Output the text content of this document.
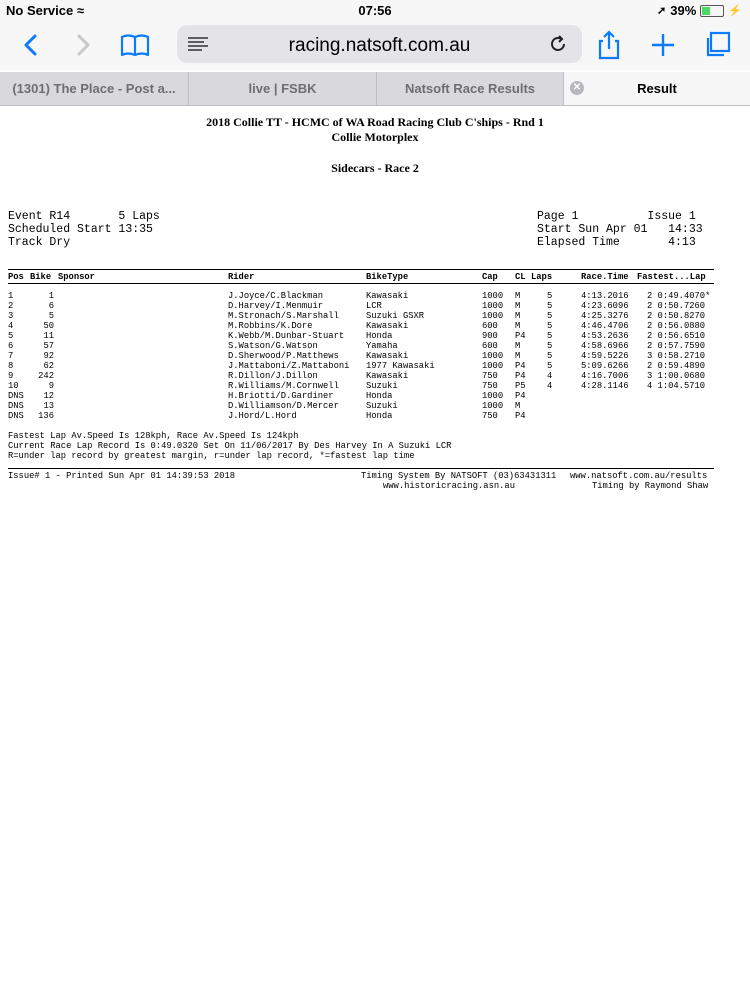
No Service ≈	07:56	➚ 39%	⚡
racing.natsoft.com.au
(1301) The Place - Post a...	live | FSBK	Natsoft Race Results	✕	Result
2018 Collie TT - HCMC of WA Road Racing Club C'ships - Rnd 1
Collie Motorplex
Sidecars - Race 2
Event R14       5 Laps
Scheduled Start 13:35
Track Dry
Page 1          Issue 1
Start Sun Apr 01   14:33
Elapsed Time       4:13
Pos Bike Sponsor	Rider	BikeType	Cap CL Laps	Race.Time Fastest...Lap
1	1	J.Joyce/C.Blackman	Kawasaki	1000 M	5	4:13.2016 2 0:49.4070*
2	6	D.Harvey/I.Menmuir	LCR	1000 M	5	4:23.6096 2 0:50.7260
3	5	M.Stronach/S.Marshall	Suzuki GSXR	1000 M	5	4:25.3276 2 0:50.8270
4	50	M.Robbins/K.Dore	Kawasaki	600 M	5	4:46.4706 2 0:56.0880
5	11	K.Webb/M.Dunbar-Stuart Honda	900 P4 5	4:53.2636 2 0:56.6510
6	57	S.Watson/G.Watson	Yamaha	600 M	5	4:58.6966 2 0:57.7590
7	92	D.Sherwood/P.Matthews	Kawasaki	1000 M	5	4:59.5226 3 0:58.2710
8	62	J.Mattaboni/Z.Mattaboni 1977 Kawasaki	1000 P4 5	5:09.6266 2 0:59.4890
9	242	R.Dillon/J.Dillon	Kawasaki	750 P4 4	4:16.7006 3 1:00.0680
10	9	R.Williams/M.Cornwell	Suzuki	750 P5 4	4:28.1146 4 1:04.5710
DNS	12	H.Briotti/D.Gardiner	Honda	1000 P4
DNS	13	D.Williamson/D.Mercer	Suzuki	1000 M
DNS	136	J.Hord/L.Hord	Honda	750 P4
Fastest Lap Av.Speed Is 128kph, Race Av.Speed Is 124kph
Current Race Lap Record Is 0:49.0320 Set On 11/06/2017 By Des Harvey In A Suzuki LCR
R=under lap record by greatest margin, r=under lap record, *=fastest lap time
Issue# 1 - Printed Sun Apr 01 14:39:53 2018	Timing System By NATSOFT (03)63431311
www.historicracing.asn.au
www.natsoft.com.au/results
Timing by Raymond Shaw
